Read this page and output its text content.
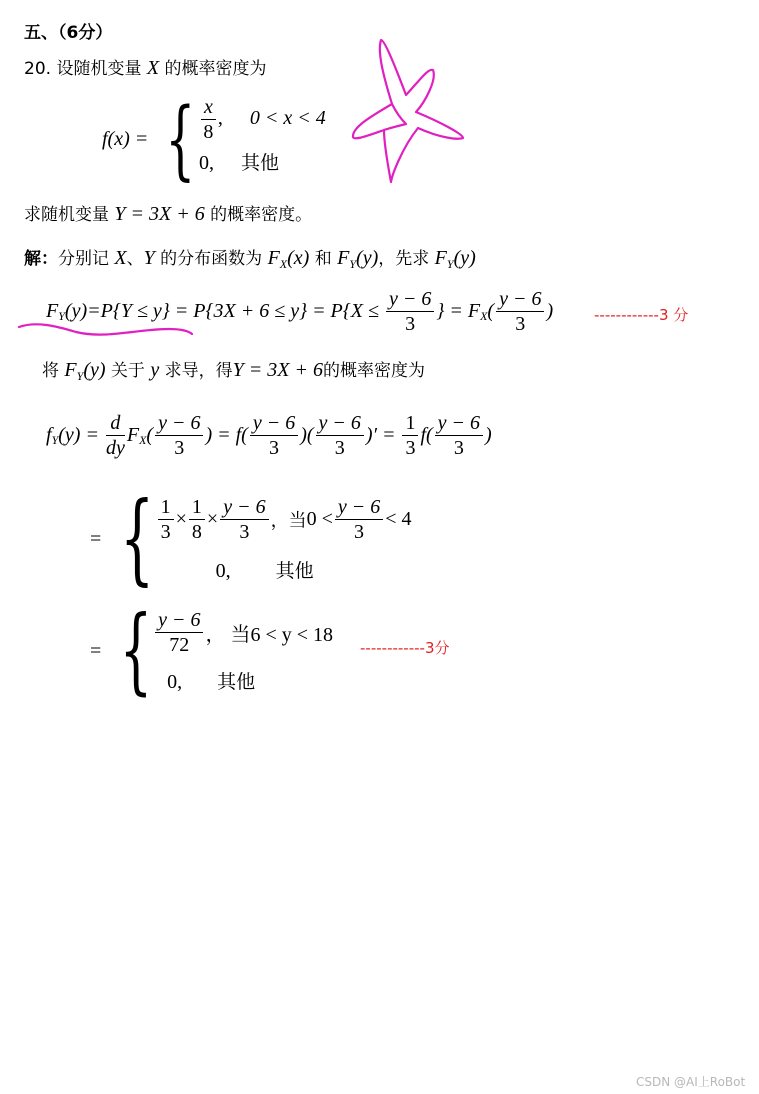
五、（6分）
20. 设随机变量 X 的概率密度为
f(x) = { $\frac{x}{8}$ , 0 < x < 4
0, 其他
求随机变量 Y = 3X + 6 的概率密度。
解：分别记 X、Y 的分布函数为 $F_X(x)$ 和 $F_Y(y)$，先求 $F_Y(y)$
$F_Y(y)=P\{Y \le y\} = P\{3X + 6 \le y\} = P\{X \le \frac{y - 6}{3}$ } = $F_X( \frac{y - 6}{3}$ )	------------3 分
将 $F_Y(y)$ 关于 y 求导，得Y = 3X + 6的概率密度为
$f_Y(y) = \frac{d}{dy} F_X( \frac{y - 6}{3}$ ) = $f( \frac{y - 6}{3}$ )( $\frac{y - 6}{3}$ )′ = $\frac{1}{3} f( \frac{y - 6}{3}$ )
= { $\frac{1}{3} \times \frac{1}{8} \times \frac{y - 6}{3}$ ，当$0 < \frac{y - 6}{3} < 4$
0, 其他
= { $\frac{y - 6}{72}$ ， 当6 < y < 18
0, 其他
------------3分
CSDN @AI上RoBot
